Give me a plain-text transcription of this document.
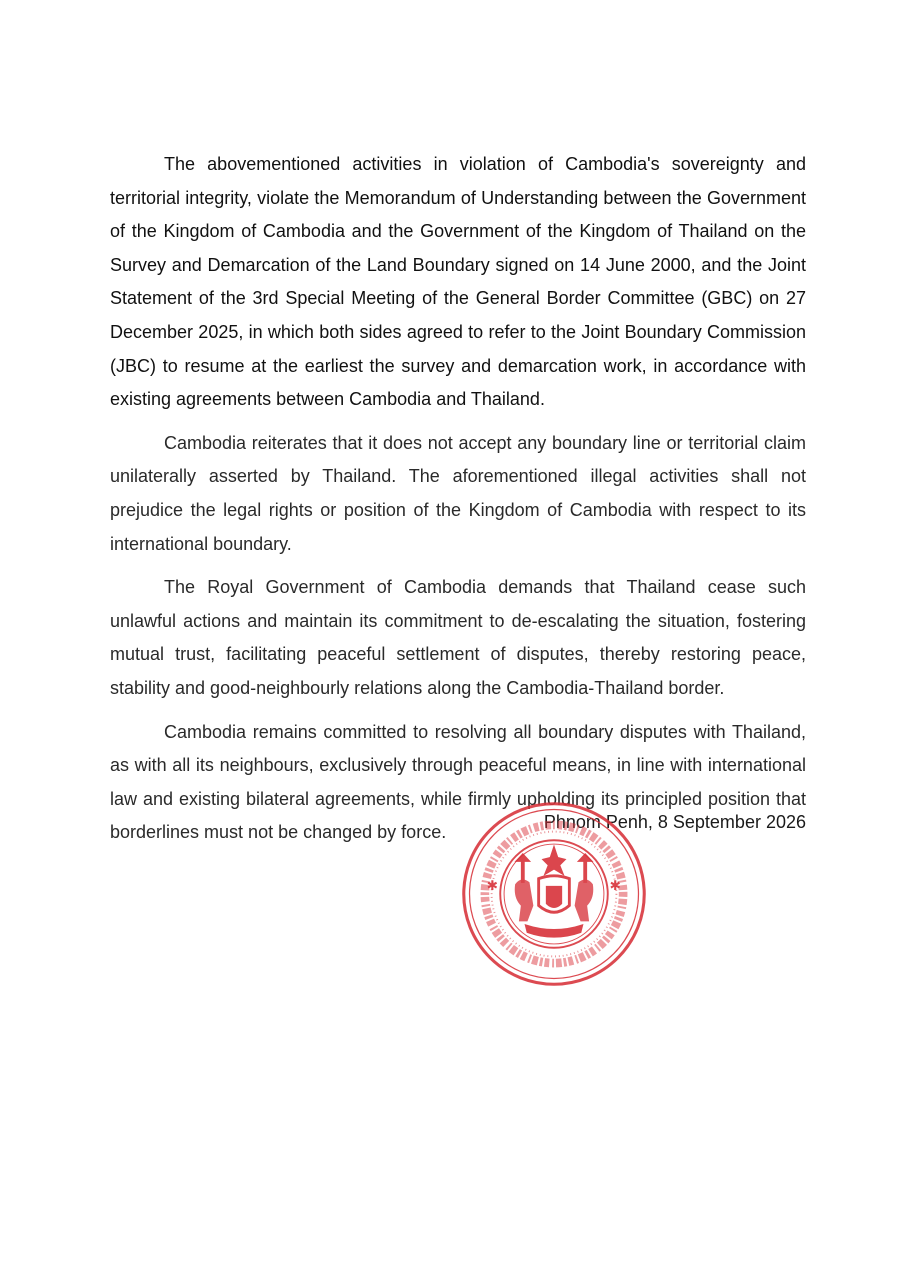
The abovementioned activities in violation of Cambodia's sovereignty and territorial integrity, violate the Memorandum of Understanding between the Government of the Kingdom of Cambodia and the Government of the Kingdom of Thailand on the Survey and Demarcation of the Land Boundary signed on 14 June 2000, and the Joint Statement of the 3rd Special Meeting of the General Border Committee (GBC) on 27 December 2025, in which both sides agreed to refer to the Joint Boundary Commission (JBC) to resume at the earliest the survey and demarcation work, in accordance with existing agreements between Cambodia and Thailand.

Cambodia reiterates that it does not accept any boundary line or territorial claim unilaterally asserted by Thailand. The aforementioned illegal activities shall not prejudice the legal rights or position of the Kingdom of Cambodia with respect to its international boundary.

The Royal Government of Cambodia demands that Thailand cease such unlawful actions and maintain its commitment to de-escalating the situation, fostering mutual trust, facilitating peaceful settlement of disputes, thereby restoring peace, stability and good-neighbourly relations along the Cambodia-Thailand border.

Cambodia remains committed to resolving all boundary disputes with Thailand, as with all its neighbours, exclusively through peaceful means, in line with international law and existing bilateral agreements, while firmly upholding its principled position that borderlines must not be changed by force.

Phnom Penh, 8 September 2026
✱	✱
